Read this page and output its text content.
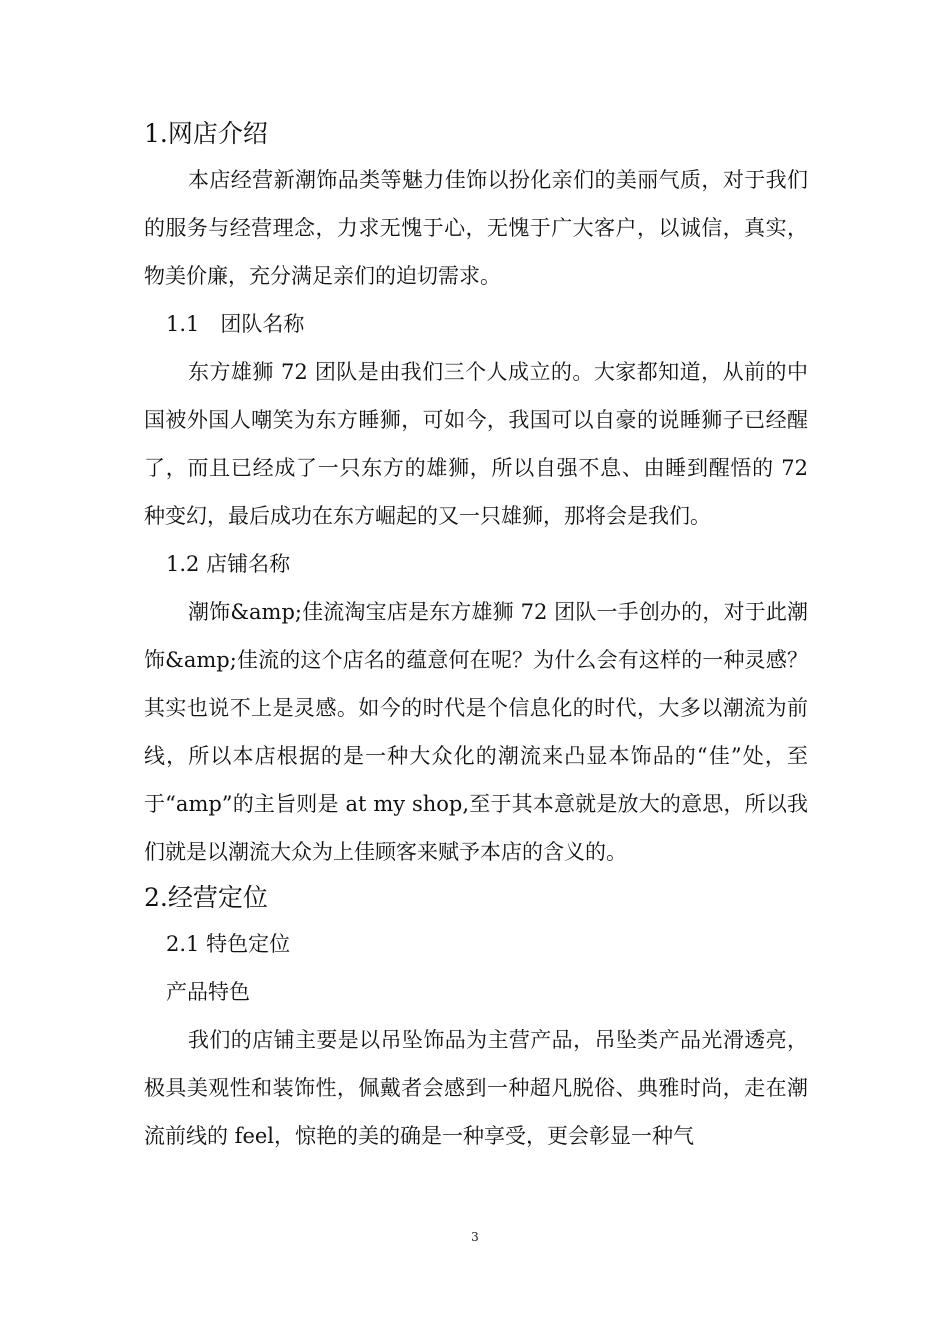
1.网店介绍

本店经营新潮饰品类等魅力佳饰以扮化亲们的美丽气质，对于我们的服务与经营理念，力求无愧于心，无愧于广大客户，以诚信，真实，物美价廉，充分满足亲们的迫切需求。

1.1　团队名称

东方雄狮 72 团队是由我们三个人成立的。大家都知道，从前的中国被外国人嘲笑为东方睡狮，可如今，我国可以自豪的说睡狮子已经醒了，而且已经成了一只东方的雄狮，所以自强不息、由睡到醒悟的 72 种变幻，最后成功在东方崛起的又一只雄狮，那将会是我们。

1.2 店铺名称

潮饰&amp;佳流淘宝店是东方雄狮 72 团队一手创办的，对于此潮饰&amp;佳流的这个店名的蕴意何在呢？为什么会有这样的一种灵感？其实也说不上是灵感。如今的时代是个信息化的时代，大多以潮流为前线，所以本店根据的是一种大众化的潮流来凸显本饰品的“佳”处，至于“amp”的主旨则是 at my shop,至于其本意就是放大的意思，所以我们就是以潮流大众为上佳顾客来赋予本店的含义的。

2.经营定位
2.1 特色定位
产品特色

我们的店铺主要是以吊坠饰品为主营产品，吊坠类产品光滑透亮，极具美观性和装饰性，佩戴者会感到一种超凡脱俗、典雅时尚，走在潮流前线的 feel，惊艳的美的确是一种享受，更会彰显一种气

3
